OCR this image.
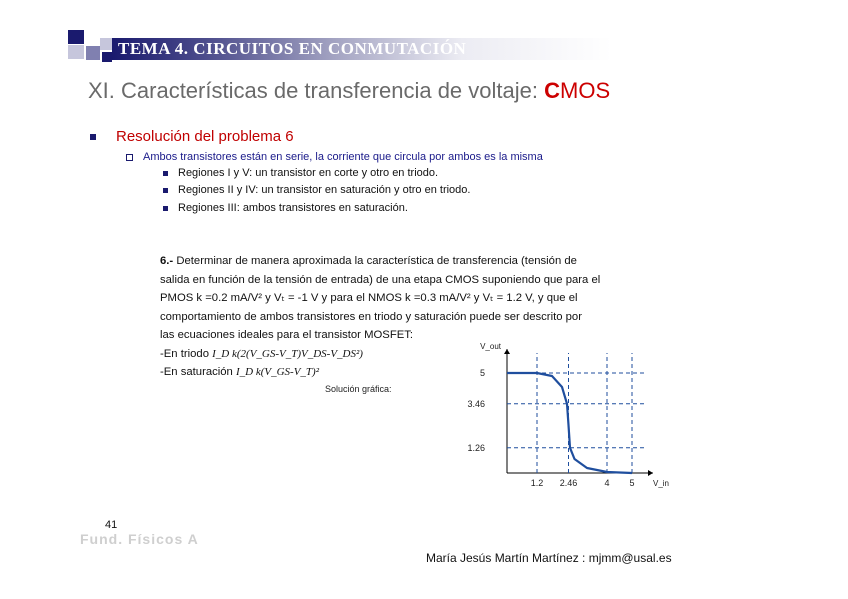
TEMA 4. CIRCUITOS EN CONMUTACIÓN
XI. Características de transferencia de voltaje: CMOS
Resolución del problema 6
Ambos transistores están en serie, la corriente que circula por ambos es la misma
Regiones I y V: un transistor en corte y otro en triodo.
Regiones II y IV: un transistor en saturación y otro en triodo.
Regiones III: ambos transistores en saturación.

6.- Determinar de manera aproximada la característica de transferencia (tensión de

salida en función de la tensión de entrada) de una etapa CMOS suponiendo que para el

PMOS k =0.2 mA/V² y Vₜ = -1 V y para el NMOS k =0.3 mA/V² y Vₜ = 1.2 V, y que el

comportamiento de ambos transistores en triodo y saturación puede ser descrito por

las ecuaciones ideales para el transistor MOSFET:

-En triodo I_D k(2(V_GS-V_T)V_DS-V_DS²)

-En saturación I_D k(V_GS-V_T)²

Solución gráfica:
1.2 2.46	4 5
5
3.46
1.26
V_out
V_in
41
Fund. Físicos A
María Jesús Martín Martínez : mjmm@usal.es
